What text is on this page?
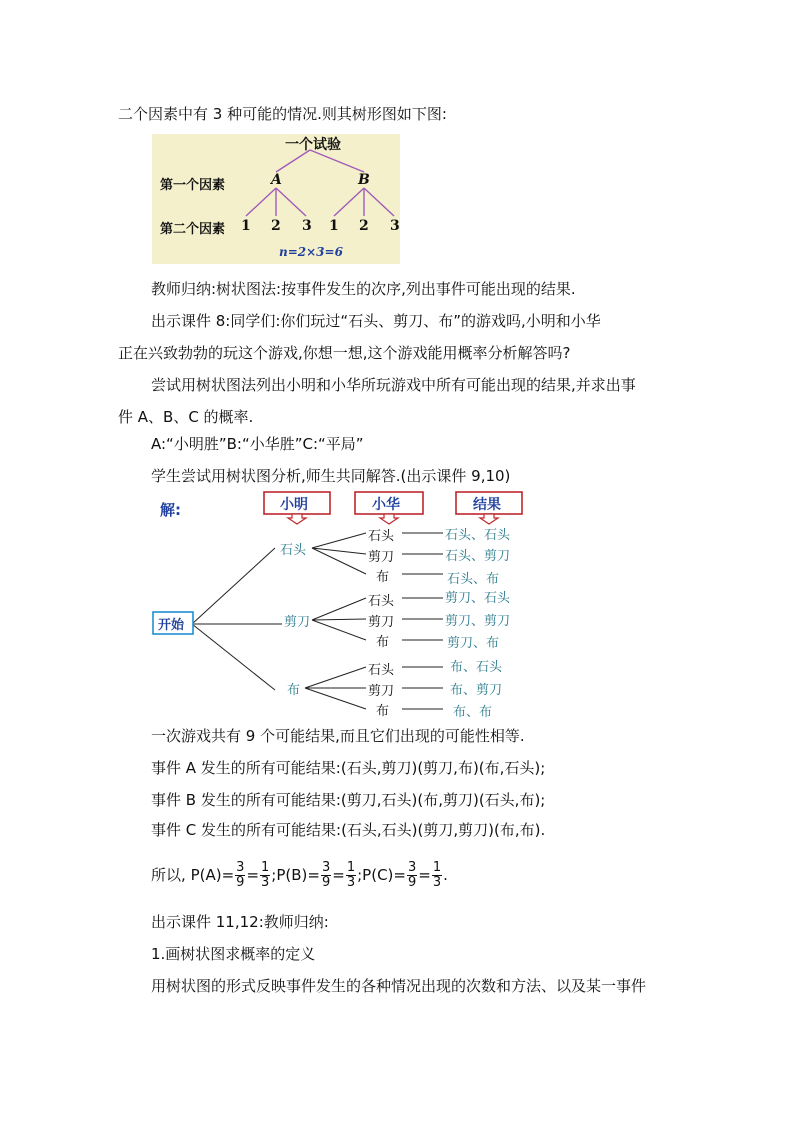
二个因素中有 3 种可能的情况.则其树形图如下图:
一个试验
第一个因素
第二个因素
A	B
1 2 3 1 2 3
n=2×3=6
教师归纳:树状图法:按事件发生的次序,列出事件可能出现的结果.
出示课件 8:同学们:你们玩过“石头、剪刀、布”的游戏吗,小明和小华
正在兴致勃勃的玩这个游戏,你想一想,这个游戏能用概率分析解答吗?
尝试用树状图法列出小明和小华所玩游戏中所有可能出现的结果,并求出事
件 A、B、C 的概率.
A:“小明胜”B:“小华胜”C:“平局”
学生尝试用树状图分析,师生共同解答.(出示课件 9,10)
解:	小明	小华	结果
开始
石头
剪刀
布
石头
剪刀
布
石头
剪刀
布
石头
剪刀
布
石头、石头
石头、剪刀
石头、布
剪刀、石头
剪刀、剪刀
剪刀、布
布、石头
布、剪刀
布、布
一次游戏共有 9 个可能结果,而且它们出现的可能性相等.
事件 A 发生的所有可能结果:(石头,剪刀)(剪刀,布)(布,石头);
事件 B 发生的所有可能结果:(剪刀,石头)(布,剪刀)(石头,布);
事件 C 发生的所有可能结果:(石头,石头)(剪刀,剪刀)(布,布).
所以, $P(A)= \frac{3}{9} = \frac{1}{3}$ ;P(B)= $\frac{3}{9} = \frac{1}{3}$ ;P(C)= $\frac{3}{9} = \frac{1}{3}$ .
出示课件 11,12:教师归纳:
1.画树状图求概率的定义
用树状图的形式反映事件发生的各种情况出现的次数和方法、以及某一事件
